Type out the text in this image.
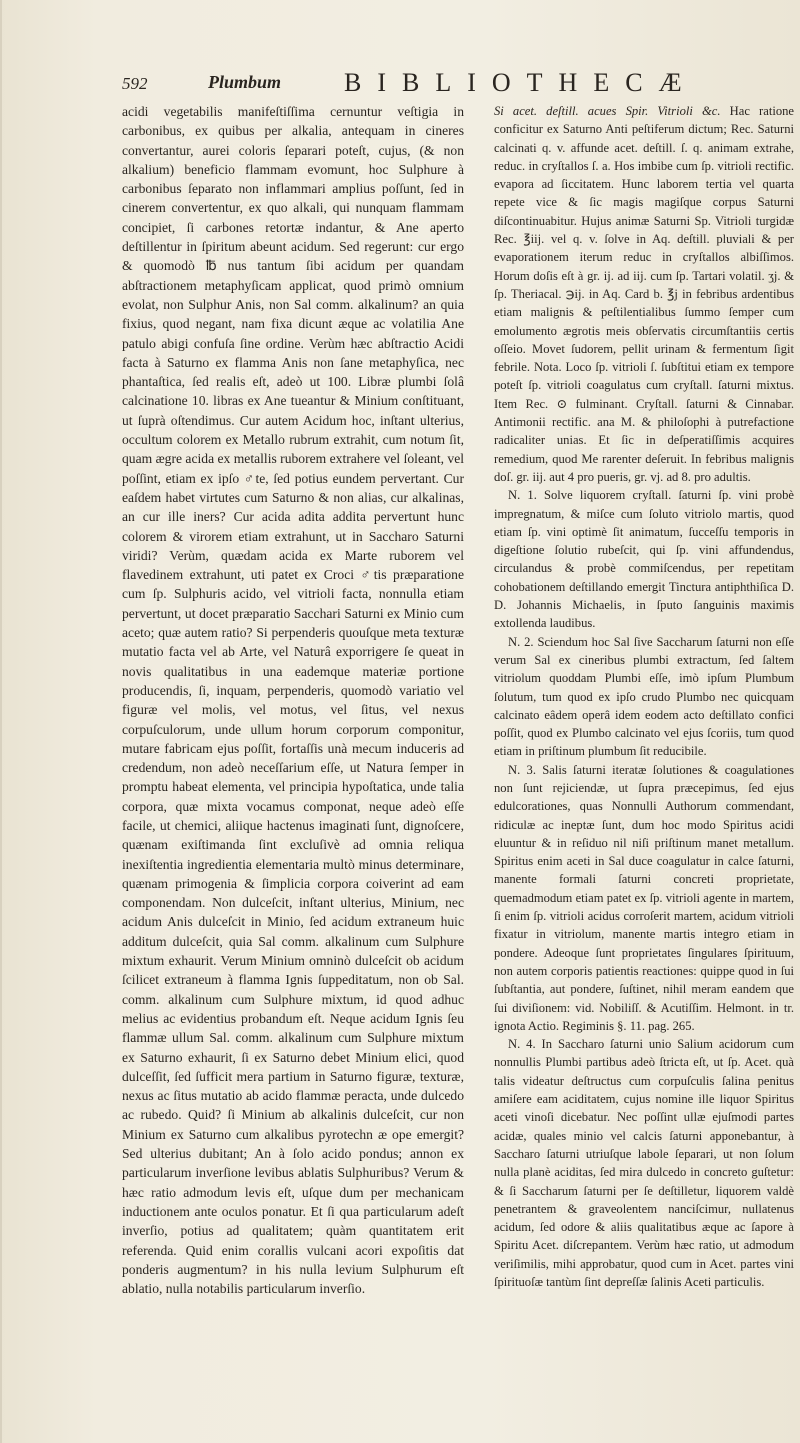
592	Plumbum BIBLIOTHECÆ

acidi vegetabilis manifeſtiſſima cernuntur veſtigia in carbonibus, ex quibus per alkalia, antequam in cineres convertantur, aurei coloris ſeparari poteſt, cujus, (& non alkalium) beneficio flammam evomunt, hoc Sulphure à carbonibus ſeparato non inflammari amplius poſſunt, ſed in cinerem convertentur, ex quo alkali, qui nunquam flammam concipiet, ſi carbones retortæ indantur, & Ane aperto deſtillentur in ſpiritum abeunt acidum. Sed regerunt: cur ergo & quomodò ℔ nus tantum ſibi acidum per quandam abſtractionem metaphyſicam applicat, quod primò omnium evolat, non Sulphur Anis, non Sal comm. alkalinum? an quia fixius, quod negant, nam fixa dicunt æque ac volatilia Ane patulo abigi confuſa ſine ordine. Verùm hæc abſtractio Acidi facta à Saturno ex flamma Anis non ſane metaphyſica, nec phantaſtica, ſed realis eſt, adeò ut 100. Libræ plumbi ſolâ calcinatione 10. libras ex Ane tueantur & Minium conſtituant, ut ſuprà oſtendimus. Cur autem Acidum hoc, inſtant ulterius, occultum colorem ex Metallo rubrum extrahit, cum notum ſit, quam ægre acida ex metallis ruborem extrahere vel ſoleant, vel poſſint, etiam ex ipſo ♂te, ſed potius eundem pervertant. Cur eaſdem habet virtutes cum Saturno & non alias, cur alkalinas, an cur ille iners? Cur acida adita addita pervertunt hunc colorem & virorem etiam extrahunt, ut in Saccharo Saturni viridi? Verùm, quædam acida ex Marte ruborem vel flavedinem extrahunt, uti patet ex Croci ♂tis præparatione cum ſp. Sulphuris acido, vel vitrioli facta, nonnulla etiam pervertunt, ut docet præparatio Sacchari Saturni ex Minio cum aceto; quæ autem ratio? Si perpenderis quouſque meta texturæ mutatio facta vel ab Arte, vel Naturâ exporrigere ſe queat in novis qualitatibus in una eademque materiæ portione producendis, ſi, inquam, perpenderis, quomodò variatio vel figuræ vel molis, vel motus, vel ſitus, vel nexus corpuſculorum, unde ullum horum corporum componitur, mutare fabricam ejus poſſit, fortaſſis unà mecum induceris ad credendum, non adeò neceſſarium eſſe, ut Natura ſemper in promptu habeat elementa, vel principia hypoſtatica, unde talia corpora, quæ mixta vocamus componat, neque adeò eſſe facile, ut chemici, aliique hactenus imaginati ſunt, dignoſcere, quænam exiſtimanda ſint excluſivè ad omnia reliqua inexiſtentia ingredientia elementaria multò minus determinare, quænam primogenia & ſimplicia corpora coiverint ad eam componendam. Non dulceſcit, inſtant ulterius, Minium, nec acidum Anis dulceſcit in Minio, ſed acidum extraneum huic additum dulceſcit, quia Sal comm. alkalinum cum Sulphure mixtum exhaurit. Verum Minium omninò dulceſcit ob acidum ſcilicet extraneum à flamma Ignis ſuppeditatum, non ob Sal. comm. alkalinum cum Sulphure mixtum, id quod adhuc melius ac evidentius probandum eſt. Neque acidum Ignis ſeu flammæ ullum Sal. comm. alkalinum cum Sulphure mixtum ex Saturno exhaurit, ſi ex Saturno debet Minium elici, quod dulceſſit, ſed ſufficit mera partium in Saturno figuræ, texturæ, nexus ac ſitus mutatio ab acido flammæ peracta, unde dulcedo ac rubedo. Quid? ſi Minium ab alkalinis dulceſcit, cur non Minium ex Saturno cum alkalibus pyrotechn æ ope emergit? Sed ulterius dubitant; An à ſolo acido pondus; annon ex particularum inverſione levibus ablatis Sulphuribus? Verum & hæc ratio admodum levis eſt, uſque dum per mechanicam inductionem ante oculos ponatur. Et ſi qua particularum adeſt inverſio, potius ad qualitatem; quàm quantitatem erit referenda. Quid enim corallis vulcani acori expoſitis dat ponderis augmentum? in his nulla levium Sulphurum eſt ablatio, nulla notabilis particularum inverſio.

Si acet. deſtill. acues Spir. Vitrioli &c. Hac ratione conficitur ex Saturno Anti peſtiferum dictum; Rec. Saturni calcinati q. v. affunde acet. deſtill. ſ. q. animam extrahe, reduc. in cryſtallos ſ. a. Hos imbibe cum ſp. vitrioli rectific. evapora ad ſiccitatem. Hunc laborem tertia vel quarta repete vice & ſic magis magiſque corpus Saturni diſcontinuabitur. Hujus animæ Saturni Sp. Vitrioli turgidæ Rec. ℥iij. vel q. v. ſolve in Aq. deſtill. pluviali & per evaporationem iterum reduc in cryſtallos albiſſimos. Horum doſis eſt à gr. ij. ad iij. cum ſp. Tartari volatil. ʒj. & ſp. Theriacal. ℈ij. in Aq. Card b. ℥j in febribus ardentibus etiam malignis & peſtilentialibus ſummo ſemper cum emolumento ægrotis meis obſervatis circumſtantiis certis oſſeio. Movet ſudorem, pellit urinam & fermentum ſigit febrile. Nota. Loco ſp. vitrioli ſ. ſubſtitui etiam ex tempore poteſt ſp. vitrioli coagulatus cum cryſtall. ſaturni mixtus. Item Rec. ⊙ fulminant. Cryſtall. ſaturni & Cinnabar. Antimonii rectific. ana M. & philoſophi à putrefactione radicaliter unias. Et ſic in deſperatiſſimis acquires remedium, quod Me rarenter deſeruit. In febribus malignis doſ. gr. iij. aut 4 pro pueris, gr. vj. ad 8. pro adultis.

N. 1. Solve liquorem cryſtall. ſaturni ſp. vini probè impregnatum, & miſce cum ſoluto vitriolo martis, quod etiam ſp. vini optimè ſit animatum, ſucceſſu temporis in digeſtione ſolutio rubeſcit, qui ſp. vini affundendus, circulandus & probè commiſcendus, per repetitam cohobationem deſtillando emergit Tinctura antiphthiſica D. D. Johannis Michaelis, in ſputo ſanguinis maximis extollenda laudibus.

N. 2. Sciendum hoc Sal ſive Saccharum ſaturni non eſſe verum Sal ex cineribus plumbi extractum, ſed ſaltem vitriolum quoddam Plumbi eſſe, imò ipſum Plumbum ſolutum, tum quod ex ipſo crudo Plumbo nec quicquam calcinato eâdem operâ idem eodem acto deſtillato confici poſſit, quod ex Plumbo calcinato vel ejus ſcoriis, tum quod etiam in priſtinum plumbum ſit reducibile.

N. 3. Salis ſaturni iteratæ ſolutiones & coagulationes non ſunt rejiciendæ, ut ſupra præcepimus, ſed ejus edulcorationes, quas Nonnulli Authorum commendant, ridiculæ ac ineptæ ſunt, dum hoc modo Spiritus acidi eluuntur & in reſiduo nil niſi priſtinum manet metallum. Spiritus enim aceti in Sal duce coagulatur in calce ſaturni, manente formali ſaturni concreti proprietate, quemadmodum etiam patet ex ſp. vitrioli agente in martem, ſi enim ſp. vitrioli acidus corroſerit martem, acidum vitrioli fixatur in vitriolum, manente martis integro etiam in pondere. Adeoque ſunt proprietates ſingulares ſpirituum, non autem corporis patientis reactiones: quippe quod in ſui ſubſtantia, aut pondere, ſuſtinet, nihil meram eandem que ſui diviſionem: vid. Nobiliſſ. & Acutiſſim. Helmont. in tr. ignota Actio. Regiminis §. 11. pag. 265.

N. 4. In Saccharo ſaturni unio Salium acidorum cum nonnullis Plumbi partibus adeò ſtricta eſt, ut ſp. Acet. quà talis videatur deſtructus cum corpuſculis ſalina penitus amiſere eam aciditatem, cujus nomine ille liquor Spiritus aceti vinoſi dicebatur. Nec poſſint ullæ ejuſmodi partes acidæ, quales minio vel calcis ſaturni apponebantur, à Saccharo ſaturni utriuſque labole ſeparari, ut non ſolum nulla planè aciditas, ſed mira dulcedo in concreto guſtetur: & ſi Saccharum ſaturni per ſe deſtilletur, liquorem valdè penetrantem & graveolentem nanciſcimur, nullatenus acidum, ſed odore & aliis qualitatibus æque ac ſapore à Spiritu Acet. diſcrepantem. Verùm hæc ratio, ut admodum veriſimilis, mihi approbatur, quod cum in Acet. partes vini ſpirituoſæ tantùm ſint depreſſæ ſalinis Aceti particulis.
